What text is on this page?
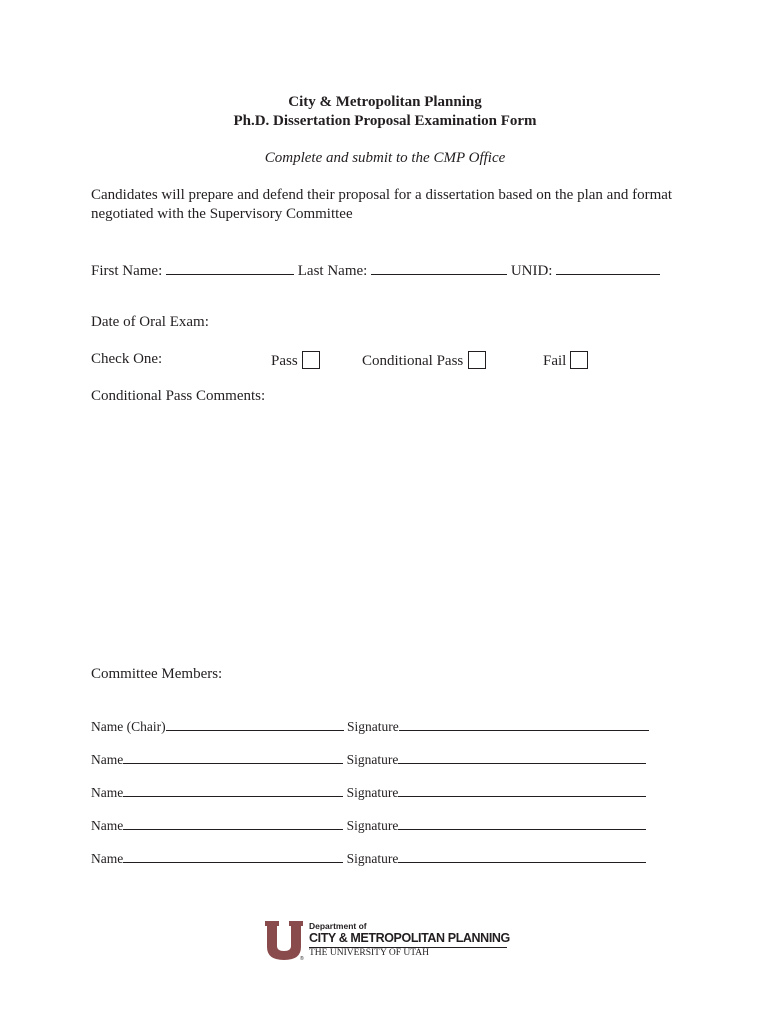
City & Metropolitan Planning
Ph.D. Dissertation Proposal Examination Form
Complete and submit to the CMP Office
Candidates will prepare and defend their proposal for a dissertation based on the plan and format negotiated with the Supervisory Committee
First Name:	Last Name:	UNID:
Date of Oral Exam:
Check One:	Pass	Conditional Pass	Fail
Conditional Pass Comments:
Committee Members:
Name (Chair)	Signature
Name	Signature
Name	Signature
Name	Signature
Name	Signature
®
Department of
CITY & METROPOLITAN PLANNING
THE UNIVERSITY OF UTAH
